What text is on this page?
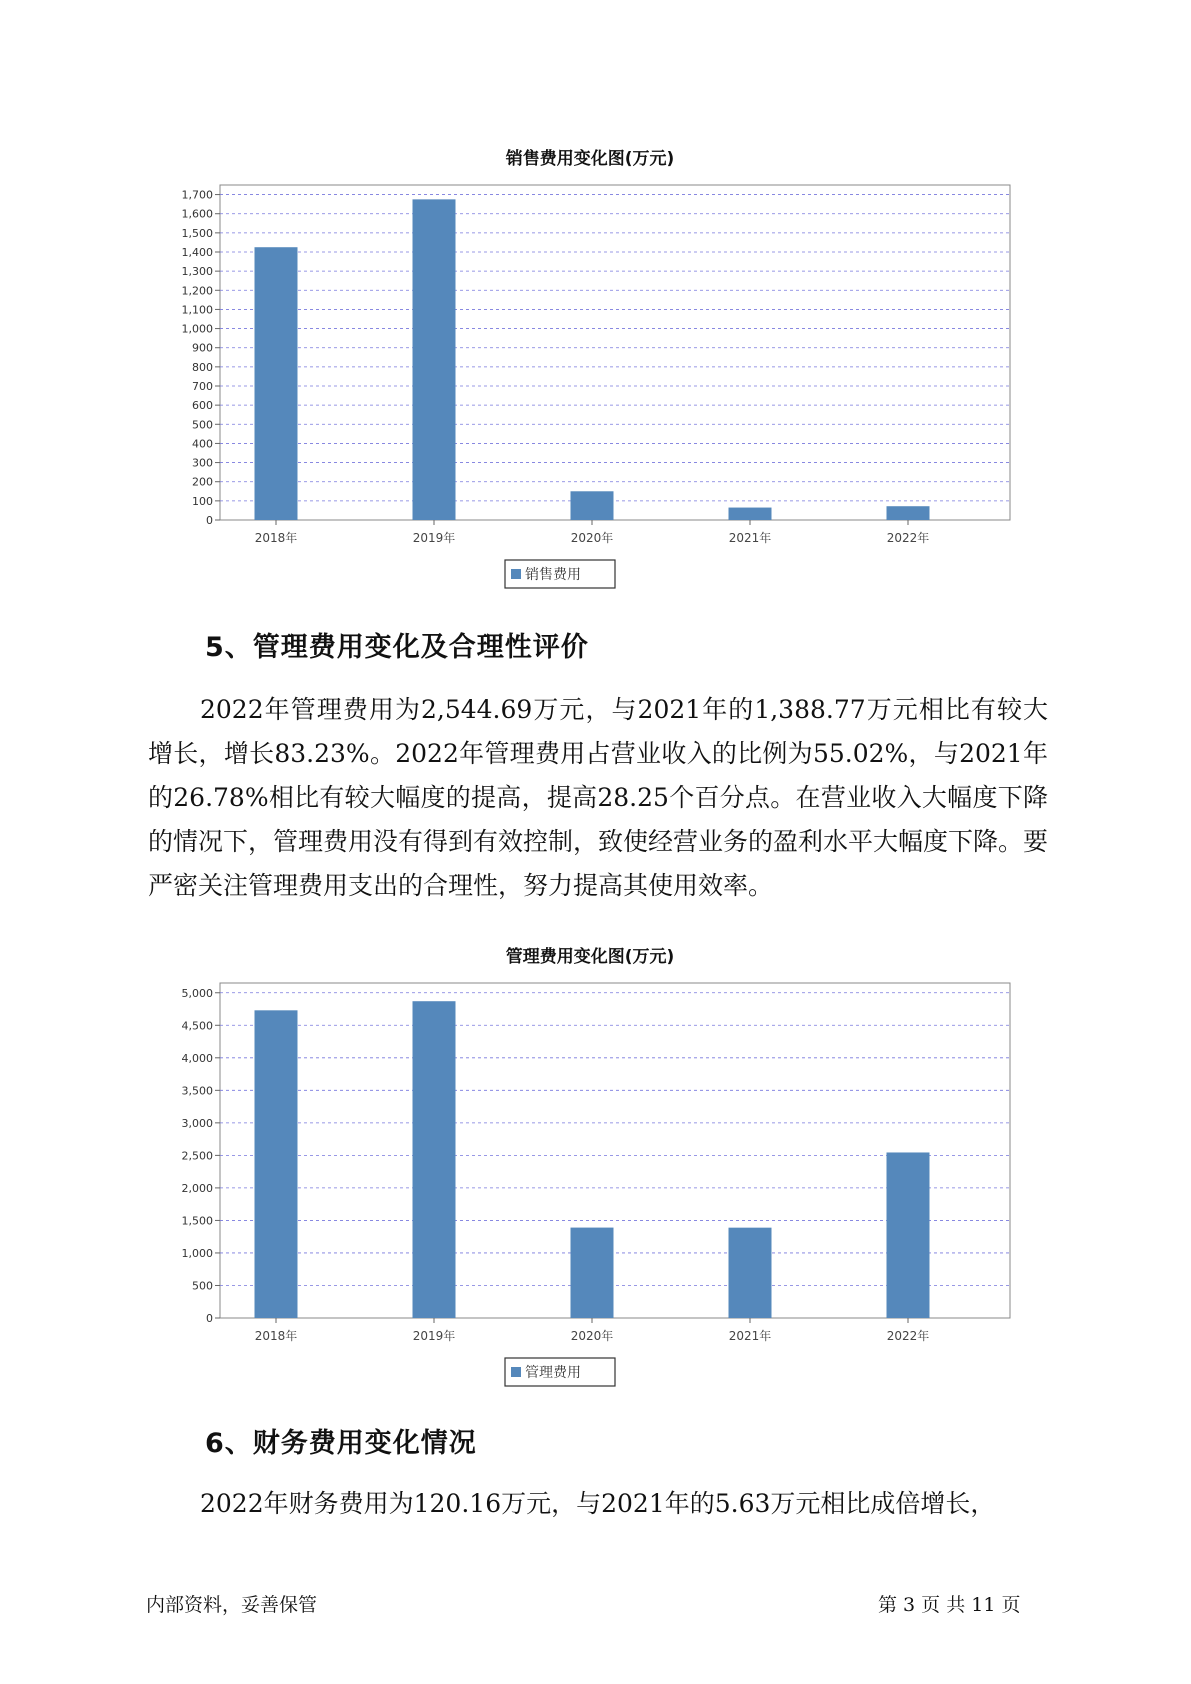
销售费用变化图(万元)
0
100
200
300
400
500
600
700
800
900
1,000
1,100
1,200
1,300
1,400
1,500
1,600
1,700
2018年	2019年	2020年	2021年	2022年
销售费用
5、管理费用变化及合理性评价

2022年管理费用为2,544.69万元，与2021年的1,388.77万元相比有较大增长，增长83.23%。2022年管理费用占营业收入的比例为55.02%，与2021年的26.78%相比有较大幅度的提高，提高28.25个百分点。在营业收入大幅度下降的情况下，管理费用没有得到有效控制，致使经营业务的盈利水平大幅度下降。要严密关注管理费用支出的合理性，努力提高其使用效率。

管理费用变化图(万元)
0
500
1,000
1,500
2,000
2,500
3,000
3,500
4,000
4,500
5,000
2018年	2019年	2020年	2021年	2022年
管理费用
6、财务费用变化情况

2022年财务费用为120.16万元，与2021年的5.63万元相比成倍增长，

内部资料，妥善保管	第 3 页 共 11 页
